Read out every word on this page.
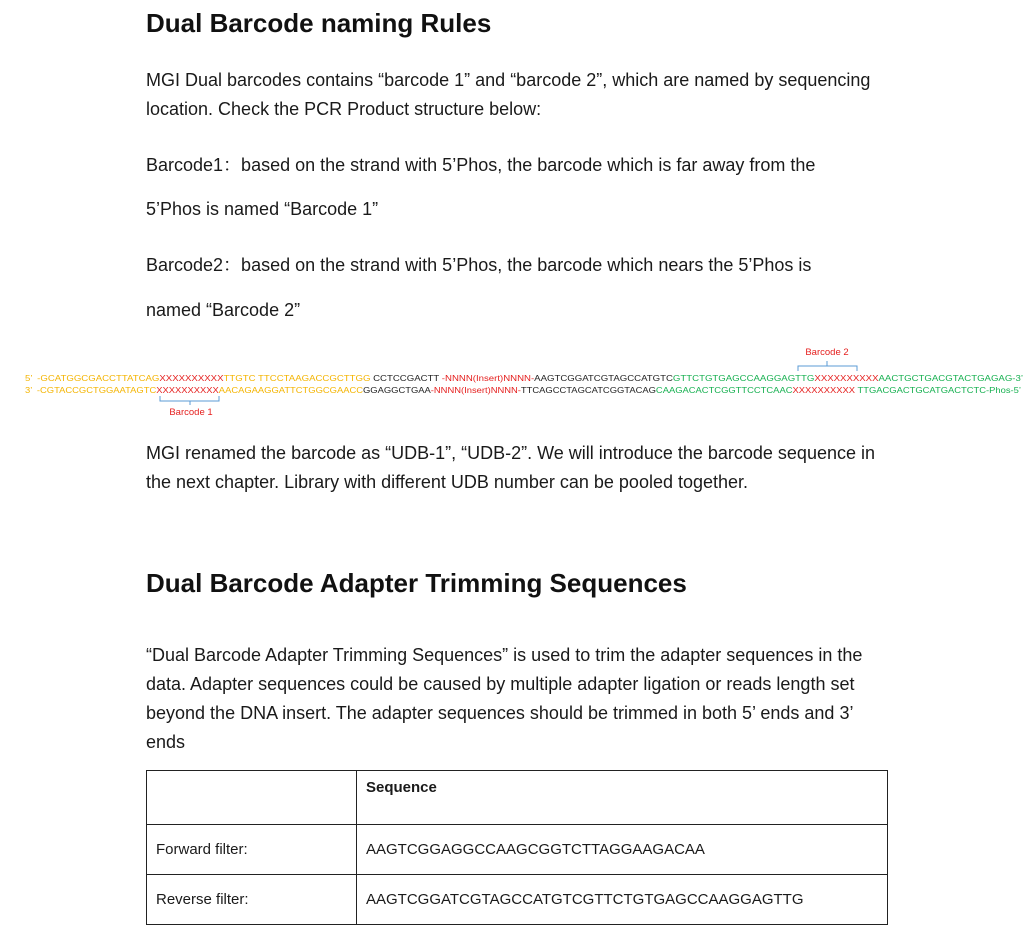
Dual Barcode naming Rules

MGI Dual barcodes contains “barcode 1” and “barcode 2”, which are named by sequencing location. Check the PCR Product structure below:

Barcode1：based on the strand with 5’Phos, the barcode which is far away from the

5’Phos is named “Barcode 1”

Barcode2：based on the strand with 5’Phos, the barcode which nears the 5’Phos is

named “Barcode 2”

Barcode 2
5’ -GCATGGCGACCTTATCAG XXXXXXXXXX TTGTC TTCCTAAGACCGCTTGG	CCTCCGACTT -NNNN(Insert)NNNN- AAGTCGGATCGTAGCCATGTC	GTTCTGTGAGCCAAGGAGTTG	XXXXXXXXXX AACTGCTGACGTACTGAGAG-3’
3’ -CGTACCGCTGGAATAGTC XXXXXXXXXX AACAGAAGGATTCTGGCGAACC GGAGGCTGAA -NNNN(Insert)NNNN- TTCAGCCTAGCATCGGTACAG CAAGACACTCGGTTCCTCAAC XXXXXXXXXX TTGACGACTGCATGACTCTC-Phos-5’
Barcode 1

MGI renamed the barcode as “UDB-1”, “UDB-2”. We will introduce the barcode sequence in the next chapter. Library with different UDB number can be pooled together.

Dual Barcode Adapter Trimming Sequences

“Dual Barcode Adapter Trimming Sequences” is used to trim the adapter sequences in the data. Adapter sequences could be caused by multiple adapter ligation or reads length set beyond the DNA insert. The adapter sequences should be trimmed in both 5’ ends and 3’ ends

	Sequence
Forward filter:	AAGTCGGAGGCCAAGCGGTCTTAGGAAGACAA
Reverse filter:	AAGTCGGATCGTAGCCATGTCGTTCTGTGAGCCAAGGAGTTG
